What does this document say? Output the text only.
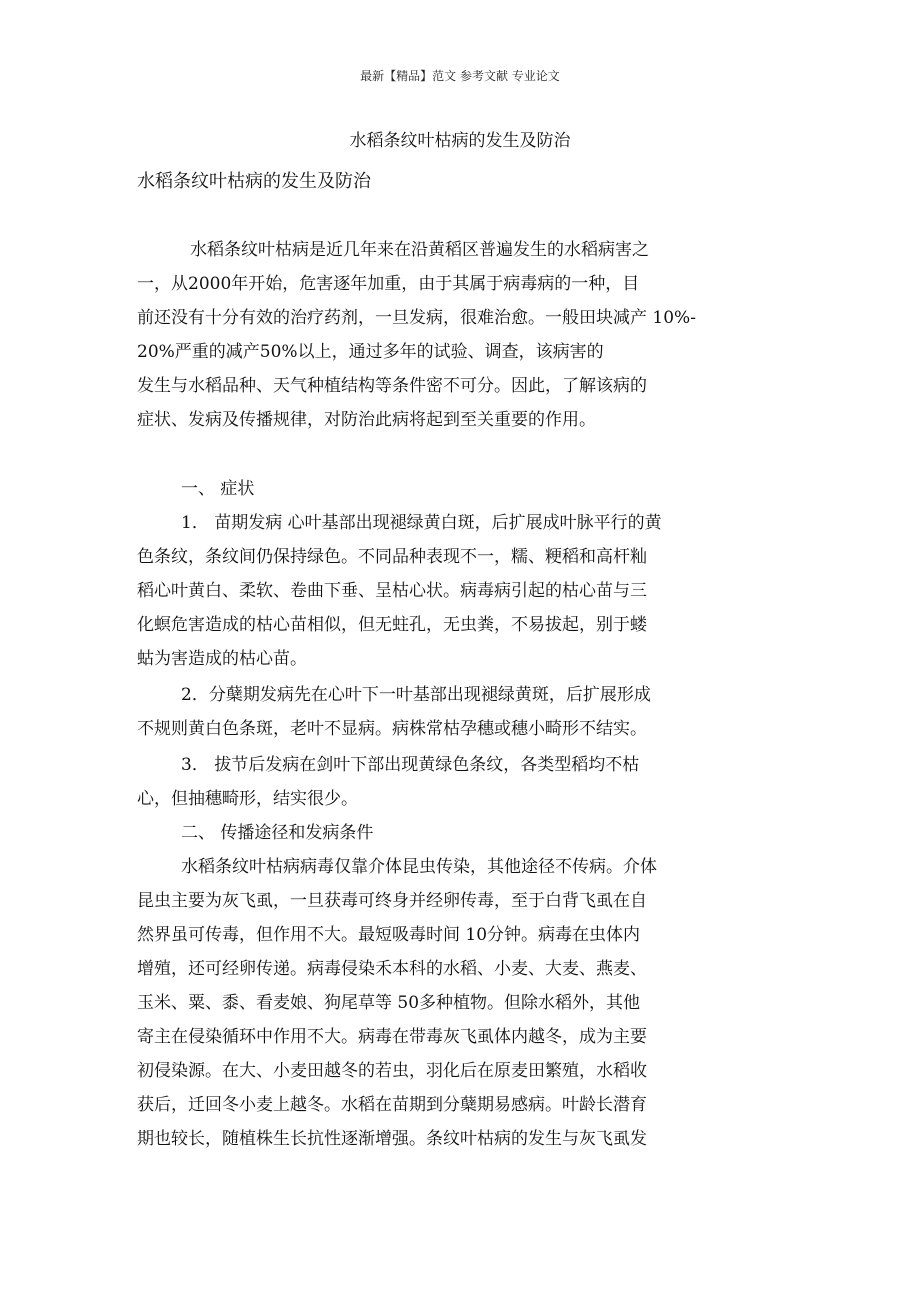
最新【精品】范文 参考文献 专业论文
水稻条纹叶枯病的发生及防治
水稻条纹叶枯病的发生及防治
水稻条纹叶枯病是近几年来在沿黄稻区普遍发生的水稻病害之
一，从2000年开始，危害逐年加重，由于其属于病毒病的一种，目
前还没有十分有效的治疗药剂，一旦发病，很难治愈。一般田块减产 10%-
20%严重的减产50%以上，通过多年的试验、调查，该病害的
发生与水稻品种、天气种植结构等条件密不可分。因此，了解该病的
症状、发病及传播规律，对防治此病将起到至关重要的作用。
一、 症状
1． 苗期发病 心叶基部出现褪绿黄白斑，后扩展成叶脉平行的黄
色条纹，条纹间仍保持绿色。不同品种表现不一，糯、粳稻和高杆籼
稻心叶黄白、柔软、卷曲下垂、呈枯心状。病毒病引起的枯心苗与三
化螟危害造成的枯心苗相似，但无蛀孔，无虫粪，不易拔起，别于蝼
蛄为害造成的枯心苗。
2．分蘖期发病先在心叶下一叶基部出现褪绿黄斑，后扩展形成
不规则黄白色条斑，老叶不显病。病株常枯孕穗或穗小畸形不结实。
3． 拔节后发病在剑叶下部出现黄绿色条纹，各类型稻均不枯
心，但抽穗畸形，结实很少。
二、 传播途径和发病条件
水稻条纹叶枯病病毒仅靠介体昆虫传染，其他途径不传病。介体
昆虫主要为灰飞虱，一旦获毒可终身并经卵传毒，至于白背飞虱在自
然界虽可传毒，但作用不大。最短吸毒时间 10分钟。病毒在虫体内
增殖，还可经卵传递。病毒侵染禾本科的水稻、小麦、大麦、燕麦、
玉米、粟、黍、看麦娘、狗尾草等 50多种植物。但除水稻外，其他
寄主在侵染循环中作用不大。病毒在带毒灰飞虱体内越冬，成为主要
初侵染源。在大、小麦田越冬的若虫，羽化后在原麦田繁殖，水稻收
获后，迁回冬小麦上越冬。水稻在苗期到分蘖期易感病。叶龄长潜育
期也较长，随植株生长抗性逐渐增强。条纹叶枯病的发生与灰飞虱发
